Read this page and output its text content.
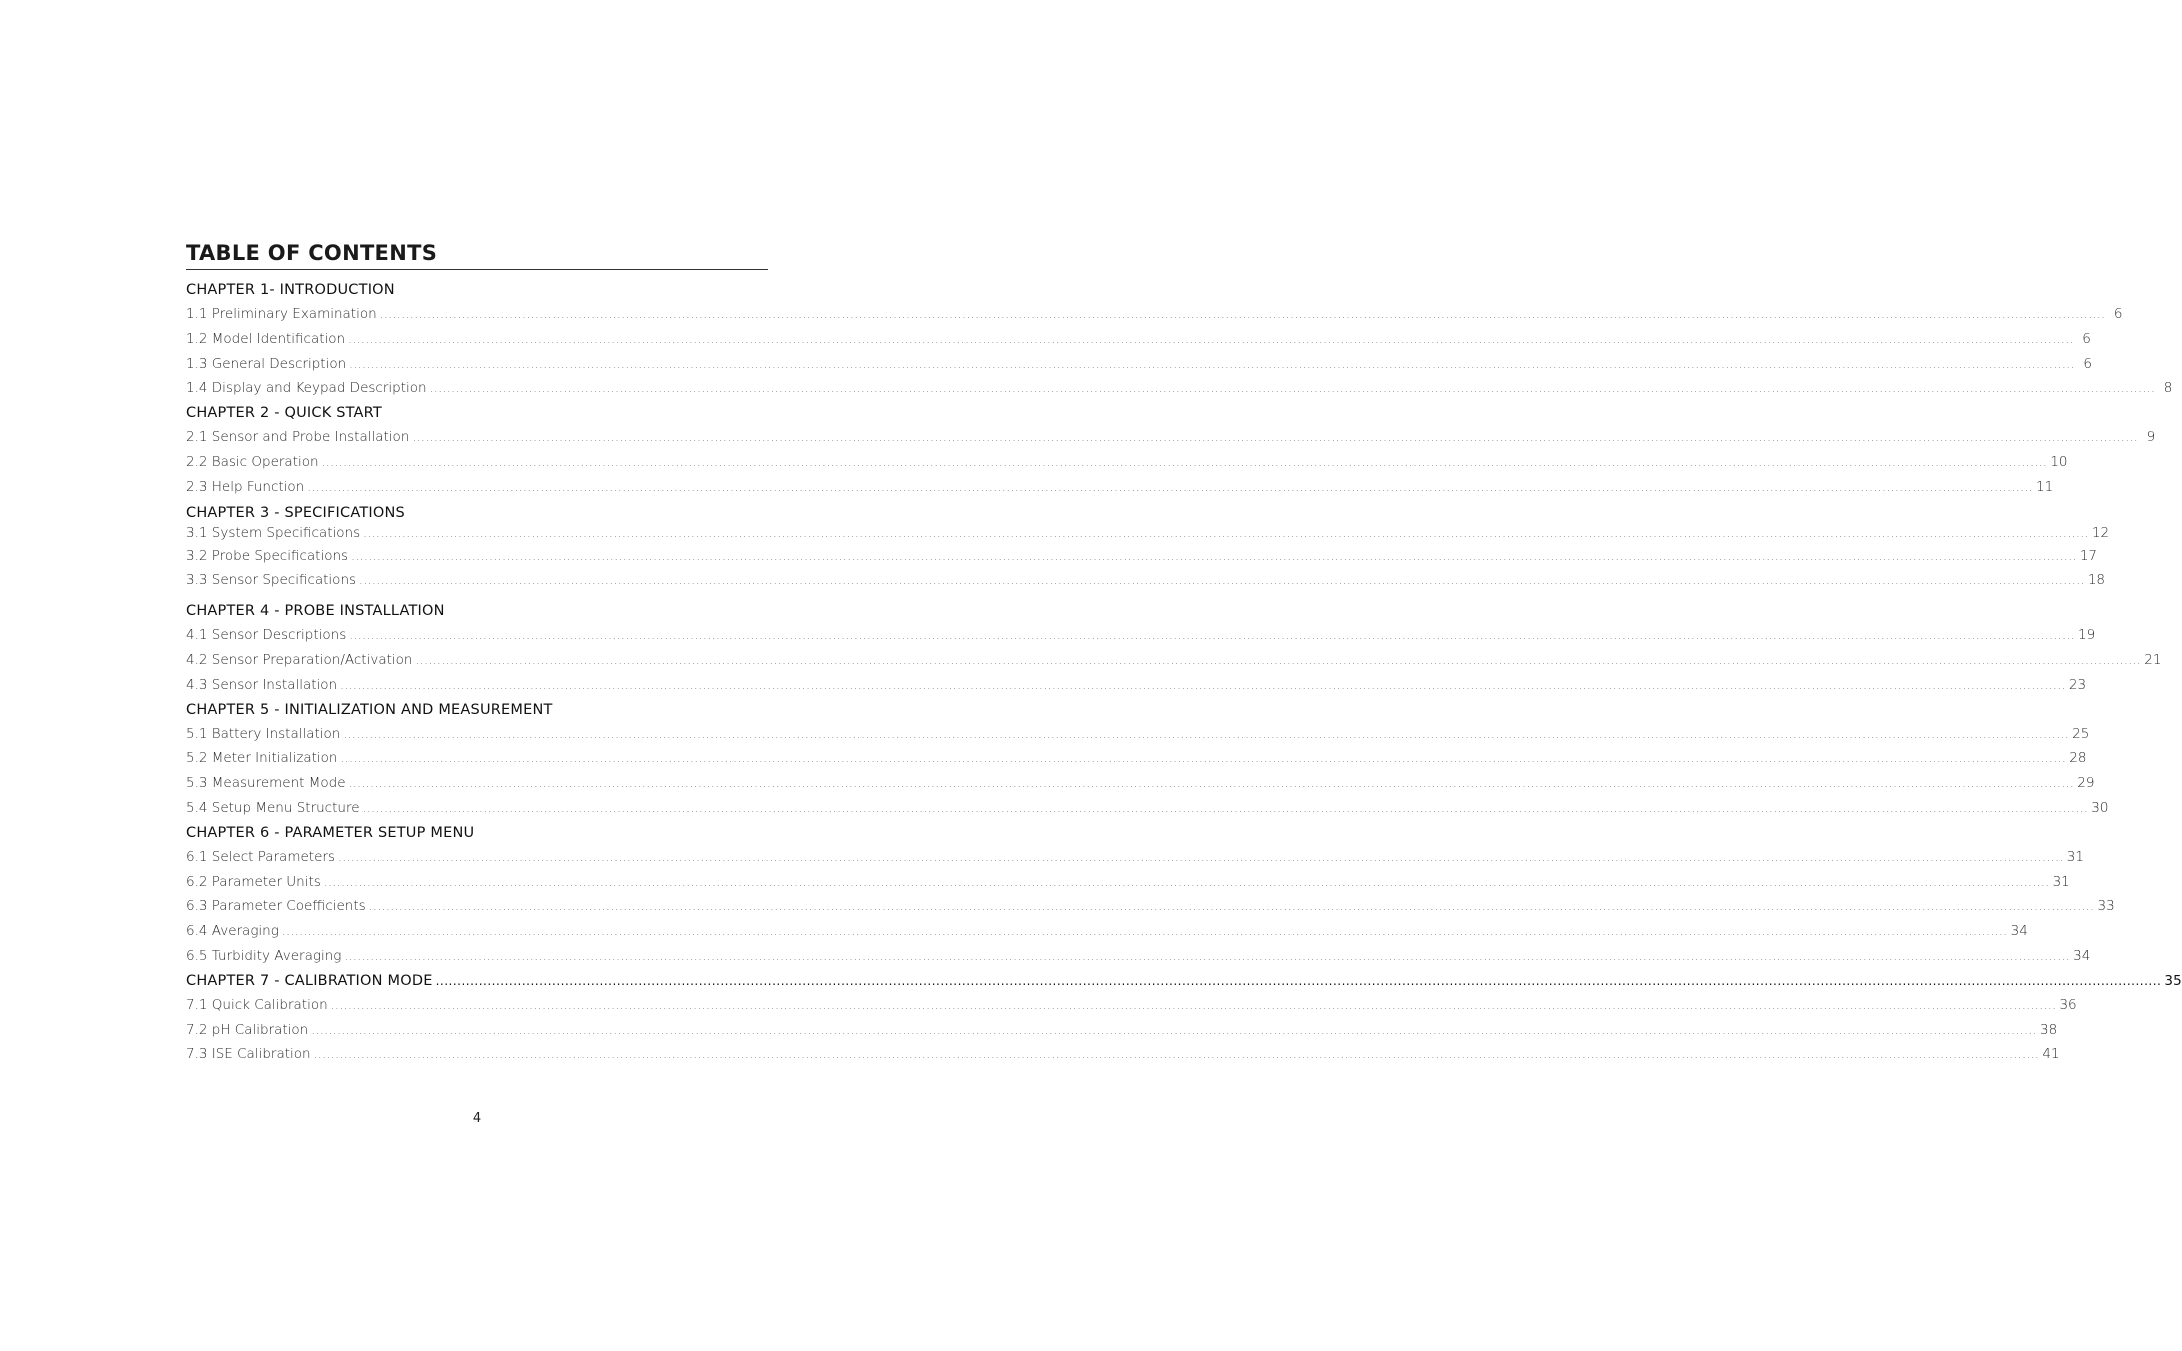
TABLE OF CONTENTS
CHAPTER 1- INTRODUCTION
1.1 Preliminary Examination ................................................................................................................................................................................................................................................................................................................................................................................................................ 6
1.2 Model Identification ................................................................................................................................................................................................................................................................................................................................................................................................................ 6
1.3 General Description ................................................................................................................................................................................................................................................................................................................................................................................................................ 6
1.4 Display and Keypad Description ................................................................................................................................................................................................................................................................................................................................................................................................................ 8
CHAPTER 2 - QUICK START
2.1 Sensor and Probe Installation ................................................................................................................................................................................................................................................................................................................................................................................................................ 9
2.2 Basic Operation ................................................................................................................................................................................................................................................................................................................................................................................................................ 10
2.3 Help Function ................................................................................................................................................................................................................................................................................................................................................................................................................ 11
CHAPTER 3 - SPECIFICATIONS
3.1 System Specifications ................................................................................................................................................................................................................................................................................................................................................................................................................ 12
3.2 Probe Specifications ................................................................................................................................................................................................................................................................................................................................................................................................................ 17
3.3 Sensor Specifications ................................................................................................................................................................................................................................................................................................................................................................................................................ 18
CHAPTER 4 - PROBE INSTALLATION
4.1 Sensor Descriptions ................................................................................................................................................................................................................................................................................................................................................................................................................ 19
4.2 Sensor Preparation/Activation ................................................................................................................................................................................................................................................................................................................................................................................................................ 21
4.3 Sensor Installation ................................................................................................................................................................................................................................................................................................................................................................................................................ 23
CHAPTER 5 - INITIALIZATION AND MEASUREMENT
5.1 Battery Installation ................................................................................................................................................................................................................................................................................................................................................................................................................ 25
5.2 Meter Initialization ................................................................................................................................................................................................................................................................................................................................................................................................................ 28
5.3 Measurement Mode ................................................................................................................................................................................................................................................................................................................................................................................................................ 29
5.4 Setup Menu Structure ................................................................................................................................................................................................................................................................................................................................................................................................................ 30
CHAPTER 6 - PARAMETER SETUP MENU
6.1 Select Parameters ................................................................................................................................................................................................................................................................................................................................................................................................................ 31
6.2 Parameter Units ................................................................................................................................................................................................................................................................................................................................................................................................................ 31
6.3 Parameter Coefficients ................................................................................................................................................................................................................................................................................................................................................................................................................ 33
6.4 Averaging ................................................................................................................................................................................................................................................................................................................................................................................................................ 34
6.5 Turbidity Averaging ................................................................................................................................................................................................................................................................................................................................................................................................................ 34
CHAPTER 7 - CALIBRATION MODE ................................................................................................................................................................................................................................................................................................................................................................................................................ 35
7.1 Quick Calibration ................................................................................................................................................................................................................................................................................................................................................................................................................ 36
7.2 pH Calibration ................................................................................................................................................................................................................................................................................................................................................................................................................ 38
7.3 ISE Calibration ................................................................................................................................................................................................................................................................................................................................................................................................................ 41
4
